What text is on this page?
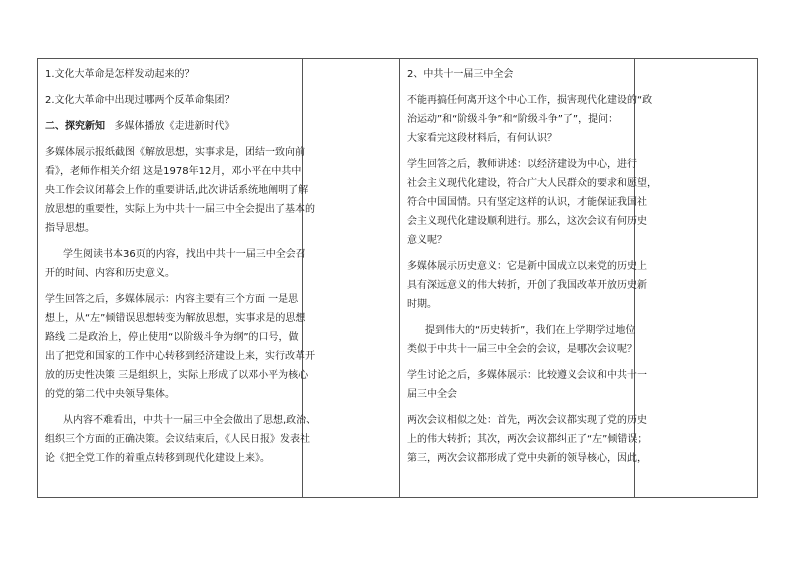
1.文化大革命是怎样发动起来的？
2.文化大革命中出现过哪两个反革命集团？
二、探究新知 多媒体播放《走进新时代》
多媒体展示报纸截图《解放思想，实事求是，团结一致向前
看》，老师作相关介绍 这是1978年12月，邓小平在中共中
央工作会议闭幕会上作的重要讲话,此次讲话系统地阐明了解
放思想的重要性，实际上为中共十一届三中全会提出了基本的
指导思想。
学生阅读书本36页的内容，找出中共十一届三中全会召
开的时间、内容和历史意义。
学生回答之后，多媒体展示：内容主要有三个方面 一是思
想上，从“左”倾错误思想转变为解放思想，实事求是的思想
路线 二是政治上，停止使用“以阶级斗争为纲”的口号，做
出了把党和国家的工作中心转移到经济建设上来，实行改革开
放的历史性决策 三是组织上，实际上形成了以邓小平为核心
的党的第二代中央领导集体。
从内容不难看出，中共十一届三中全会做出了思想,政治、
组织三个方面的正确决策。会议结束后，《人民日报》发表社
论《把全党工作的着重点转移到现代化建设上来》。

2、中共十一届三中全会
不能再搞任何离开这个中心工作，损害现代化建设的“政
治运动”和“阶级斗争”和“阶级斗争”了”，提问：
大家看完这段材料后，有何认识？
学生回答之后，教师讲述：以经济建设为中心，进行
社会主义现代化建设，符合广大人民群众的要求和愿望，
符合中国国情。只有坚定这样的认识，才能保证我国社
会主义现代化建设顺利进行。那么，这次会议有何历史
意义呢？
多媒体展示历史意义：它是新中国成立以来党的历史上
具有深远意义的伟大转折，开创了我国改革开放历史新
时期。
提到伟大的“历史转折”，我们在上学期学过地位
类似于中共十一届三中全会的会议，是哪次会议呢？
学生讨论之后，多媒体展示：比较遵义会议和中共十一
届三中全会
两次会议相似之处：首先，两次会议都实现了党的历史
上的伟大转折；其次，两次会议都纠正了“左”倾错误；
第三，两次会议都形成了党中央新的领导核心，因此，
